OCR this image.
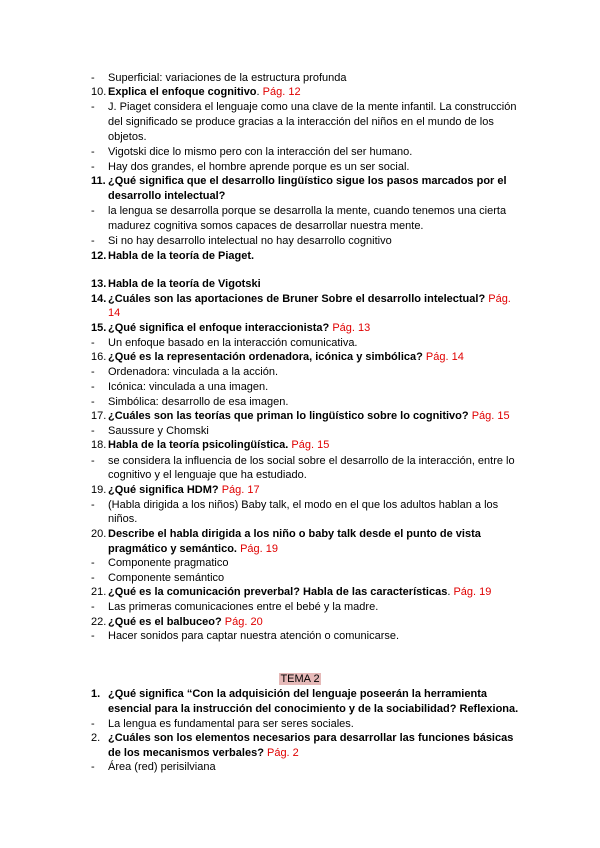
- Superficial: variaciones de la estructura profunda
10. Explica el enfoque cognitivo. Pág. 12
- J. Piaget considera el lenguaje como una clave de la mente infantil. La construcción
del significado se produce gracias a la interacción del niños en el mundo de los
objetos.
- Vigotski dice lo mismo pero con la interacción del ser humano.
- Hay dos grandes, el hombre aprende porque es un ser social.
11. ¿Qué significa que el desarrollo lingüístico sigue los pasos marcados por el
desarrollo intelectual?
- la lengua se desarrolla porque se desarrolla la mente, cuando tenemos una cierta
madurez cognitiva somos capaces de desarrollar nuestra mente.
- Si no hay desarrollo intelectual no hay desarrollo cognitivo
12. Habla de la teoría de Piaget.
13. Habla de la teoría de Vigotski
14. ¿Cuáles son las aportaciones de Bruner Sobre el desarrollo intelectual? Pág.
14
15. ¿Qué significa el enfoque interaccionista? Pág. 13
- Un enfoque basado en la interacción comunicativa.
16. ¿Qué es la representación ordenadora, icónica y simbólica? Pág. 14
- Ordenadora: vinculada a la acción.
- Icónica: vinculada a una imagen.
- Simbólica: desarrollo de esa imagen.
17. ¿Cuáles son las teorías que priman lo lingüístico sobre lo cognitivo? Pág. 15
- Saussure y Chomski
18. Habla de la teoría psicolingüística. Pág. 15
- se considera la influencia de los social sobre el desarrollo de la interacción, entre lo
cognitivo y el lenguaje que ha estudiado.
19. ¿Qué significa HDM? Pág. 17
- (Habla dirigida a los niños) Baby talk, el modo en el que los adultos hablan a los
niños.
20. Describe el habla dirigida a los niño o baby talk desde el punto de vista
pragmático y semántico. Pág. 19
- Componente pragmatico
- Componente semántico
21. ¿Qué es la comunicación preverbal? Habla de las características. Pág. 19
- Las primeras comunicaciones entre el bebé y la madre.
22. ¿Qué es el balbuceo? Pág. 20
- Hacer sonidos para captar nuestra atención o comunicarse.
TEMA 2
1. ¿Qué significa “Con la adquisición del lenguaje poseerán la herramienta
esencial para la instrucción del conocimiento y de la sociabilidad? Reflexiona.
- La lengua es fundamental para ser seres sociales.
2. ¿Cuáles son los elementos necesarios para desarrollar las funciones básicas
de los mecanismos verbales? Pág. 2
- Área (red) perisilviana
